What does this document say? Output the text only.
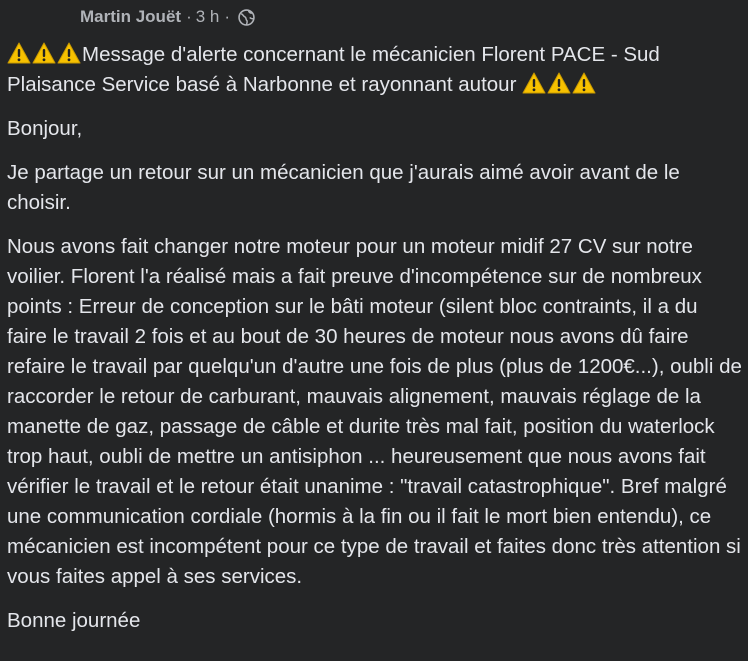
Martin Jouët · 3 h ·

Message d'alerte concernant le mécanicien Florent PACE - Sud Plaisance Service basé à Narbonne et rayonnant autour

Bonjour,

Je partage un retour sur un mécanicien que j'aurais aimé avoir avant de le choisir.

Nous avons fait changer notre moteur pour un moteur midif 27 CV sur notre voilier. Florent l'a réalisé mais a fait preuve d'incompétence sur de nombreux points : Erreur de conception sur le bâti moteur (silent bloc contraints, il a du faire le travail 2 fois et au bout de 30 heures de moteur nous avons dû faire refaire le travail par quelqu'un d'autre une fois de plus (plus de 1200€...), oubli de raccorder le retour de carburant, mauvais alignement, mauvais réglage de la manette de gaz, passage de câble et durite très mal fait, position du waterlock trop haut, oubli de mettre un antisiphon ... heureusement que nous avons fait vérifier le travail et le retour était unanime : "travail catastrophique". Bref malgré une communication cordiale (hormis à la fin ou il fait le mort bien entendu), ce mécanicien est incompétent pour ce type de travail et faites donc très attention si vous faites appel à ses services.

Bonne journée
